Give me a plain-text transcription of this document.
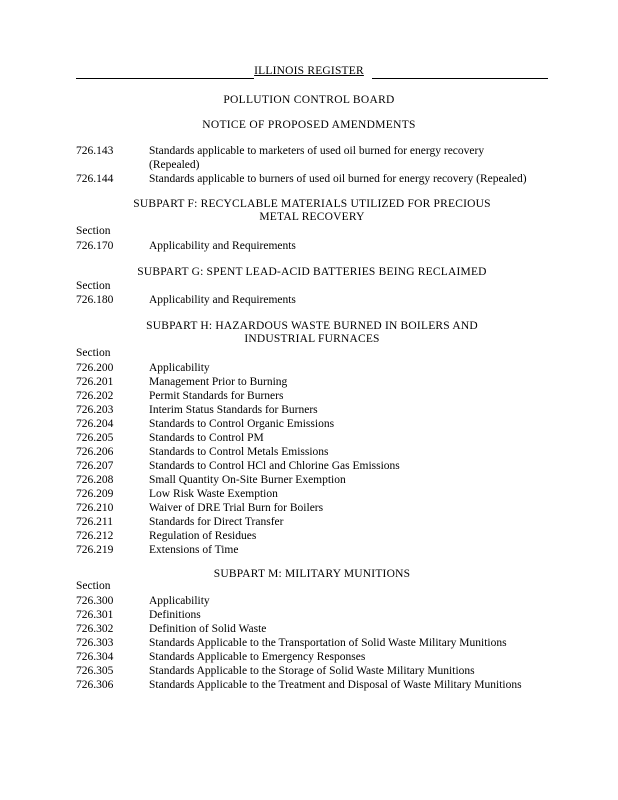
ILLINOIS REGISTER
POLLUTION CONTROL BOARD
NOTICE OF PROPOSED AMENDMENTS
726.143	Standards applicable to marketers of used oil burned for energy recovery
(Repealed)
726.144	Standards applicable to burners of used oil burned for energy recovery (Repealed)
SUBPART F: RECYCLABLE MATERIALS UTILIZED FOR PRECIOUS
METAL RECOVERY
Section
726.170	Applicability and Requirements
SUBPART G: SPENT LEAD-ACID BATTERIES BEING RECLAIMED
Section
726.180	Applicability and Requirements
SUBPART H: HAZARDOUS WASTE BURNED IN BOILERS AND
INDUSTRIAL FURNACES
Section
726.200	Applicability
726.201	Management Prior to Burning
726.202	Permit Standards for Burners
726.203	Interim Status Standards for Burners
726.204	Standards to Control Organic Emissions
726.205	Standards to Control PM
726.206	Standards to Control Metals Emissions
726.207	Standards to Control HCl and Chlorine Gas Emissions
726.208	Small Quantity On-Site Burner Exemption
726.209	Low Risk Waste Exemption
726.210	Waiver of DRE Trial Burn for Boilers
726.211	Standards for Direct Transfer
726.212	Regulation of Residues
726.219	Extensions of Time
SUBPART M: MILITARY MUNITIONS
Section
726.300	Applicability
726.301	Definitions
726.302	Definition of Solid Waste
726.303	Standards Applicable to the Transportation of Solid Waste Military Munitions
726.304	Standards Applicable to Emergency Responses
726.305	Standards Applicable to the Storage of Solid Waste Military Munitions
726.306	Standards Applicable to the Treatment and Disposal of Waste Military Munitions
